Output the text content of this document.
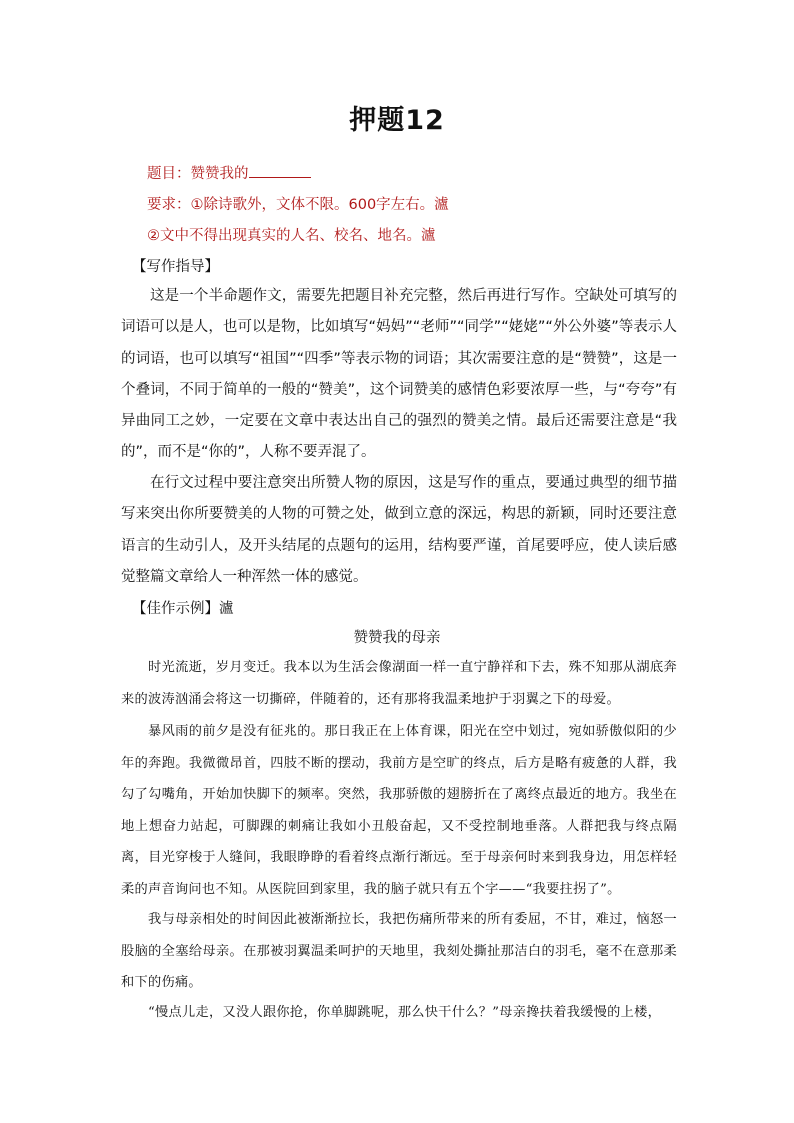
押题12
题目：赞赞我的
要求：①除诗歌外，文体不限。600字左右。瀘
②文中不得出现真实的人名、校名、地名。瀘
【写作指导】
这是一个半命题作文，需要先把题目补充完整，然后再进行写作。空缺处可填写的词语可以是人，也可以是物，比如填写“妈妈”“老师”“同学”“姥姥”“外公外婆”等表示人的词语，也可以填写“祖国”“四季”等表示物的词语；其次需要注意的是“赞赞”，这是一个叠词，不同于简单的一般的“赞美”，这个词赞美的感情色彩要浓厚一些，与“夸夸”有异曲同工之妙，一定要在文章中表达出自己的强烈的赞美之情。最后还需要注意是“我的”，而不是“你的”，人称不要弄混了。
在行文过程中要注意突出所赞人物的原因，这是写作的重点，要通过典型的细节描写来突出你所要赞美的人物的可赞之处，做到立意的深远，构思的新颖，同时还要注意语言的生动引人，及开头结尾的点题句的运用，结构要严谨，首尾要呼应，使人读后感觉整篇文章给人一种浑然一体的感觉。
【佳作示例】瀘
赞赞我的母亲
时光流逝，岁月变迁。我本以为生活会像湖面一样一直宁静祥和下去，殊不知那从湖底奔来的波涛汹涌会将这一切撕碎，伴随着的，还有那将我温柔地护于羽翼之下的母爱。
暴风雨的前夕是没有征兆的。那日我正在上体育课，阳光在空中划过，宛如骄傲似阳的少年的奔跑。我微微昂首，四肢不断的摆动，我前方是空旷的终点，后方是略有疲惫的人群，我勾了勾嘴角，开始加快脚下的频率。突然，我那骄傲的翅膀折在了离终点最近的地方。我坐在地上想奋力站起，可脚踝的刺痛让我如小丑般奋起，又不受控制地垂落。人群把我与终点隔离，目光穿梭于人缝间，我眼睁睁的看着终点渐行渐远。至于母亲何时来到我身边，用怎样轻柔的声音询问也不知。从医院回到家里，我的脑子就只有五个字——“我要拄拐了”。
我与母亲相处的时间因此被渐渐拉长，我把伤痛所带来的所有委屈，不甘，难过，恼怒一股脑的全塞给母亲。在那被羽翼温柔呵护的天地里，我刻处撕扯那洁白的羽毛，毫不在意那柔和下的伤痛。
“慢点儿走，又没人跟你抢，你单脚跳呢，那么快干什么？”母亲搀扶着我缓慢的上楼，
